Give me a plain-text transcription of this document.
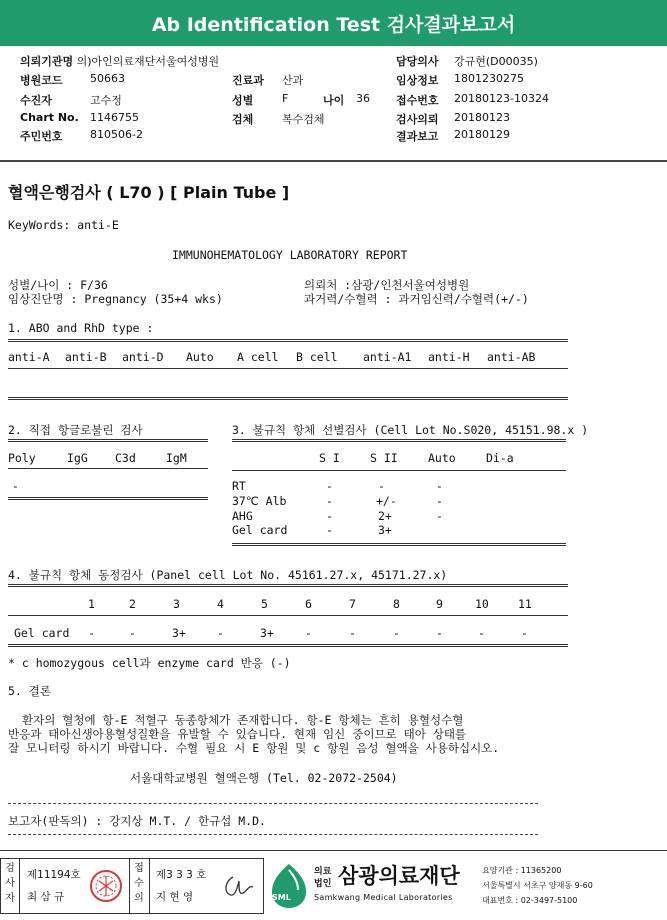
Ab Identification Test 검사결과보고서
의뢰기관명 의)아인의료재단서울여성병원
병원코드 50663
수진자	고수정
Chart No. 1146755
주민번호 810506-2
진료과 산과
성별	F	나이 36
검체	복수검체
담당의사 강규현(D00035)
임상정보 1801230275
접수번호 20180123-10324
검사의뢰 20180123
결과보고 20180129
혈액은행검사 ( L70 ) [ Plain Tube ]
KeyWords: anti-E
IMMUNOHEMATOLOGY LABORATORY REPORT
성별/나이 : F/36
임상진단명 : Pregnancy (35+4 wks)
의뢰처 :삼광/인천서울여성병원
과거력/수혈력 : 과거임신력/수혈력(+/-)
1. ABO and RhD type :
anti-A anti-B anti-D Auto A cell B cell anti-A1 anti-H anti-AB
2. 직접 항글로불린 검사
Poly	IgG C3d	IgM
-
3. 불규칙 항체 선별검사 (Cell Lot No.S020, 45151.98.x )
S I	S II	Auto	Di-a
RT	-	-	-
37℃ Alb	-	+/-	-
AHG	-	2+	-
Gel card	-	3+
4. 불규칙 항체 동정검사 (Panel cell Lot No. 45161.27.x, 45171.27.x)
1	2	3	4	5	6	7	8	9	10	11
Gel card -	-	3+	-	3+	-	-	-	-	-	-
* c homozygous cell과 enzyme card 반응 (-)
5. 결론
환자의 혈청에 항-E 적혈구 동종항체가 존재합니다. 항-E 항체는 흔히 용혈성수혈
반응과 태아신생아용혈성질환을 유발할 수 있습니다. 현재 임신 중이므로 태아 상태를
잘 모니터링 하시기 바랍니다. 수혈 필요 시 E 항원 및 c 항원 음성 혈액을 사용하십시오.
서울대학교병원 혈액은행 (Tel. 02-2072-2504)
보고자(판독의) : 강지상 M.T. / 한규섭 M.D.
검사자
제11194호
최 삼 규
접수의
제3 3 3 호
지 현 영	SML
의료
법인 삼광의료재단
Samkwang Medical Laboratories
요양기관 : 11365200
서울특별시 서초구 양재동 9-60
대표번호 : 02-3497-5100
